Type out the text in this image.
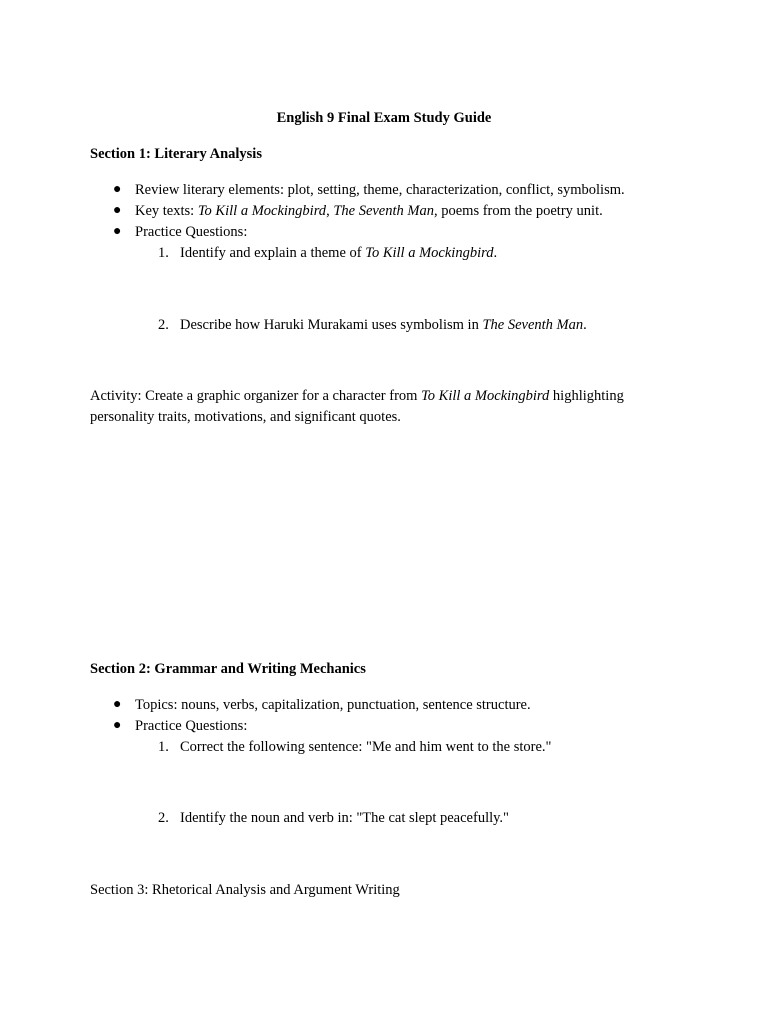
English 9 Final Exam Study Guide
Section 1: Literary Analysis
● Review literary elements: plot, setting, theme, characterization, conflict, symbolism.
● Key texts: To Kill a Mockingbird, The Seventh Man, poems from the poetry unit.
● Practice Questions:
1. Identify and explain a theme of To Kill a Mockingbird.
2. Describe how Haruki Murakami uses symbolism in The Seventh Man.
Activity: Create a graphic organizer for a character from To Kill a Mockingbird highlighting
personality traits, motivations, and significant quotes.
Section 2: Grammar and Writing Mechanics
● Topics: nouns, verbs, capitalization, punctuation, sentence structure.
● Practice Questions:
1. Correct the following sentence: "Me and him went to the store."
2. Identify the noun and verb in: "The cat slept peacefully."
Section 3: Rhetorical Analysis and Argument Writing
